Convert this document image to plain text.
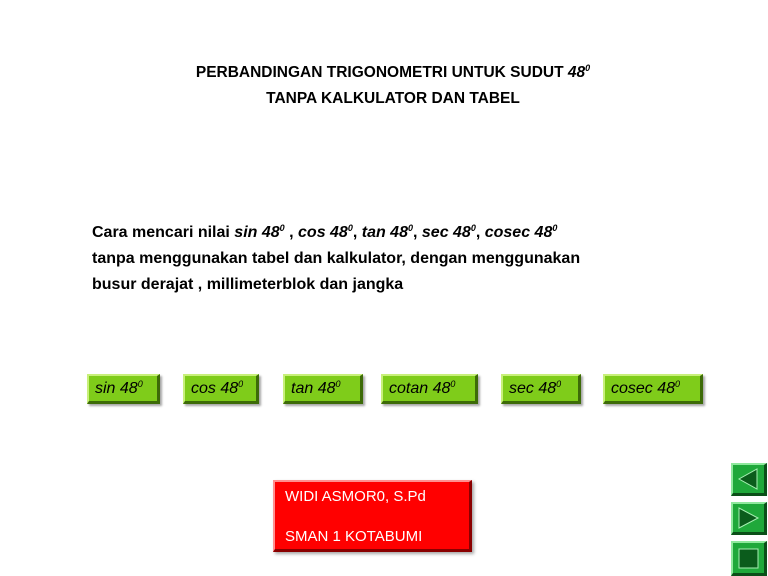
PERBANDINGAN TRIGONOMETRI UNTUK SUDUT $48^0$
TANPA KALKULATOR DAN TABEL
Cara mencari nilai $\sin 48^0$ , $\cos 48^0$, $\tan 48^0$, $\sec 48^0$, cosec $48^0$
tanpa menggunakan tabel dan kalkulator, dengan menggunakan
busur derajat , millimeterblok dan jangka
$\sin 48^0$	$\cos 48^0$	$\tan 48^0$	cotan $48^0$	$\sec 48^0$	cosec $48^0$
WIDI ASMOR0, S.Pd
SMAN 1 KOTABUMI
